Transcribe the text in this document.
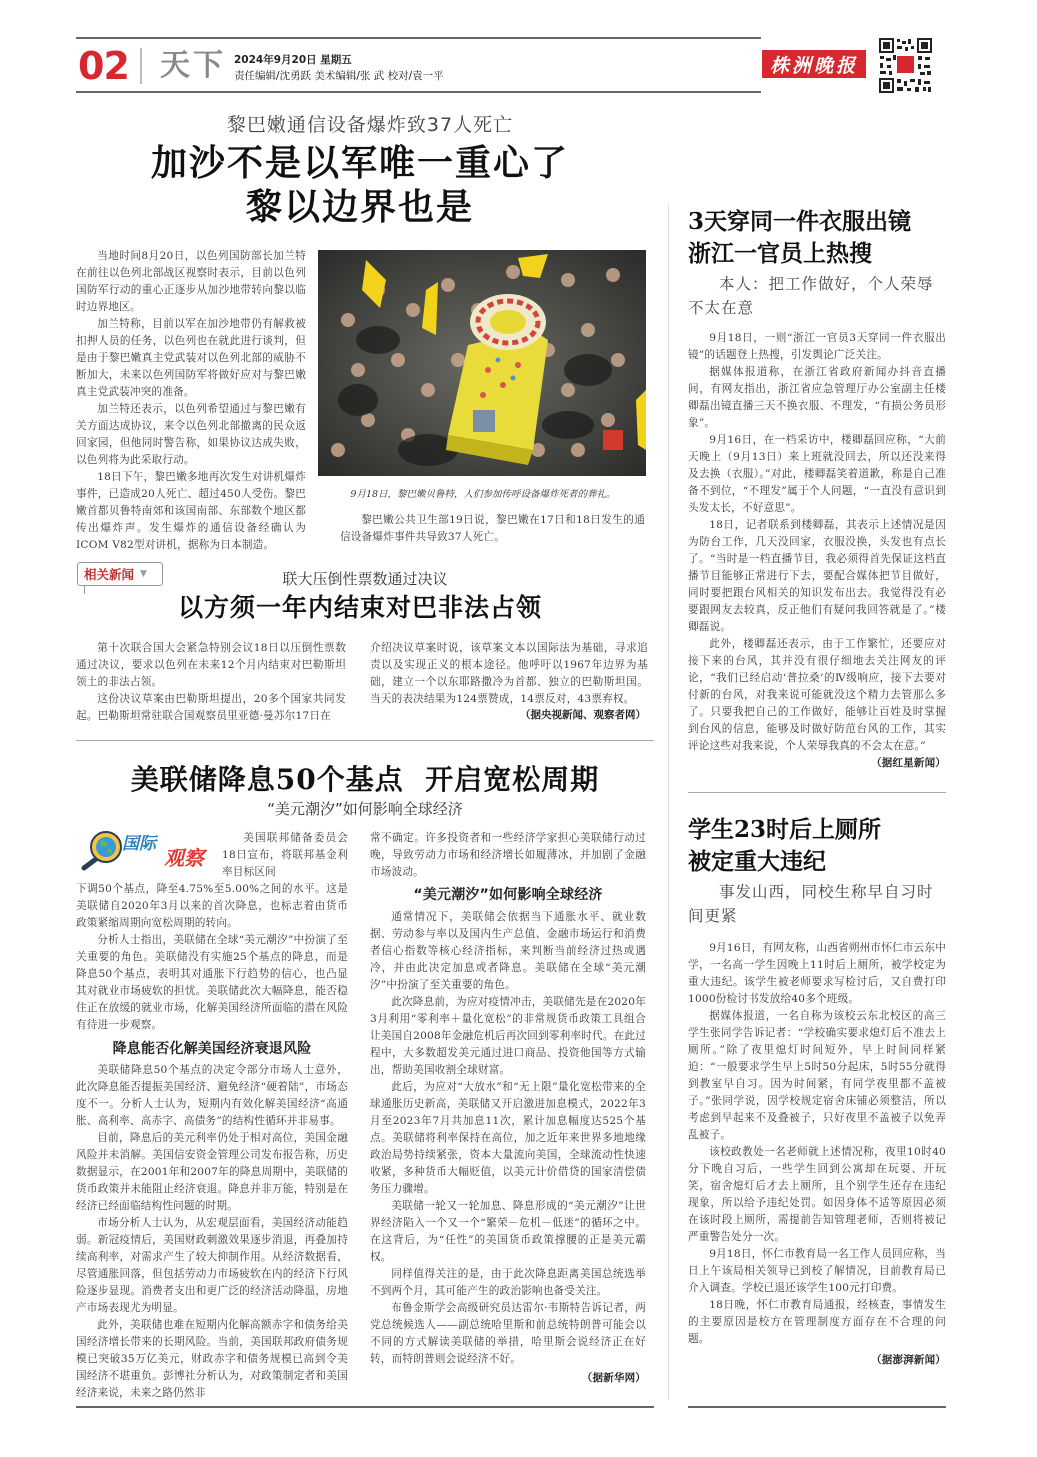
02 天下 2024年9月20日 星期五
责任编辑/沈勇跃 美术编辑/张 武 校对/袁一平	株洲晚报
黎巴嫩通信设备爆炸致37人死亡
加沙不是以军唯一重心了
黎以边界也是

当地时间8月20日，以色列国防部长加兰特在前往以色列北部战区视察时表示，目前以色列国防军行动的重心正逐步从加沙地带转向黎以临时边界地区。

加兰特称，目前以军在加沙地带仍有解救被扣押人员的任务，以色列也在就此进行谈判，但是由于黎巴嫩真主党武装对以色列北部的威胁不断加大，未来以色列国防军将做好应对与黎巴嫩真主党武装冲突的准备。

加兰特还表示，以色列希望通过与黎巴嫩有关方面达成协议，来令以色列北部撤离的民众返回家园，但他同时警告称，如果协议达成失败，以色列将为此采取行动。

18日下午，黎巴嫩多地再次发生对讲机爆炸事件，已造成20人死亡、超过450人受伤。黎巴嫩首都贝鲁特南郊和该国南部、东部数个地区都传出爆炸声。发生爆炸的通信设备经确认为ICOM V82型对讲机，据称为日本制造。

9月18日，黎巴嫩贝鲁特，人们参加传呼设备爆炸死者的葬礼。

黎巴嫩公共卫生部19日说，黎巴嫩在17日和18日发生的通信设备爆炸事件共导致37人死亡。

相关新闻 ▼	联大压倒性票数通过决议
以方须一年内结束对巴非法占领

第十次联合国大会紧急特别会议18日以压倒性票数通过决议，要求以色列在未来12个月内结束对巴勒斯坦领土的非法占领。

这份决议草案由巴勒斯坦提出，20多个国家共同发起。巴勒斯坦常驻联合国观察员里亚德·曼苏尔17日在

介绍决议草案时说，该草案文本以国际法为基础，寻求追责以及实现正义的根本途径。他呼吁以1967年边界为基础，建立一个以东耶路撒冷为首都、独立的巴勒斯坦国。当天的表决结果为124票赞成，14票反对，43票弃权。

（据央视新闻、观察者网）
美联储降息50个基点  开启宽松周期
“美元潮汐”如何影响全球经济
国际
观察

美国联邦储备委员会18日宣布，将联邦基金利率目标区间

下调50个基点，降至4.75%至5.00%之间的水平。这是美联储自2020年3月以来的首次降息，也标志着由货币政策紧缩周期向宽松周期的转向。

分析人士指出，美联储在全球“美元潮汐”中扮演了至关重要的角色。美联储没有实施25个基点的降息，而是降息50个基点，表明其对通胀下行趋势的信心，也凸显其对就业市场疲软的担忧。美联储此次大幅降息，能否稳住正在放缓的就业市场，化解美国经济所面临的潜在风险有待进一步观察。

降息能否化解美国经济衰退风险

美联储降息50个基点的决定令部分市场人士意外，此次降息能否提振美国经济、避免经济“硬着陆”，市场态度不一。分析人士认为，短期内有效化解美国经济“高通胀、高利率、高赤字、高债务”的结构性循环并非易事。

目前，降息后的美元利率仍处于相对高位，美国金融风险并未消解。美国信安资金管理公司发布报告称，历史数据显示，在2001年和2007年的降息周期中，美联储的货币政策并未能阻止经济衰退。降息并非万能，特别是在经济已经面临结构性问题的时期。

市场分析人士认为，从宏观层面看，美国经济动能趋弱。新冠疫情后，美国财政刺激效果逐步消退，再叠加持续高利率，对需求产生了较大抑制作用。从经济数据看，尽管通胀回落，但包括劳动力市场疲软在内的经济下行风险逐步显现。消费者支出和更广泛的经济活动降温，房地产市场表现尤为明显。

此外，美联储也难在短期内化解高额赤字和债务给美国经济增长带来的长期风险。当前，美国联邦政府债务规模已突破35万亿美元，财政赤字和债务规模已高到令美国经济不堪重负。彭博社分析认为，对政策制定者和美国经济来说，未来之路仍然非

常不确定。许多投资者和一些经济学家担心美联储行动过晚，导致劳动力市场和经济增长如履薄冰，并加剧了金融市场波动。

“美元潮汐”如何影响全球经济

通常情况下，美联储会依据当下通胀水平、就业数据、劳动参与率以及国内生产总值、金融市场运行和消费者信心指数等核心经济指标，来判断当前经济过热或遇冷，并由此决定加息或者降息。美联储在全球“美元潮汐”中扮演了至关重要的角色。

此次降息前，为应对疫情冲击，美联储先是在2020年3月利用“零利率＋量化宽松”的非常规货币政策工具组合让美国自2008年金融危机后再次回到零利率时代。在此过程中，大多数超发美元通过进口商品、投资他国等方式输出，帮助美国收割全球财富。

此后，为应对“大放水”和“无上限”量化宽松带来的全球通胀历史新高，美联储又开启激进加息模式，2022年3月至2023年7月共加息11次，累计加息幅度达525个基点。美联储将利率保持在高位，加之近年来世界多地地缘政治局势持续紧张，资本大量流向美国，全球流动性快速收紧，多种货币大幅贬值，以美元计价借贷的国家清偿债务压力骤增。

美联储一轮又一轮加息、降息形成的“美元潮汐”让世界经济陷入一个又一个“繁荣－危机－低迷”的循环之中。在这背后，为“任性”的美国货币政策撑腰的正是美元霸权。

同样值得关注的是，由于此次降息距离美国总统选举不到两个月，其可能产生的政治影响也备受关注。

布鲁金斯学会高级研究员达雷尔·韦斯特告诉记者，两党总统候选人——副总统哈里斯和前总统特朗普可能会以不同的方式解读美联储的举措，哈里斯会说经济正在好转，而特朗普则会说经济不好。

（据新华网）
3天穿同一件衣服出镜
浙江一官员上热搜
本人：把工作做好，个人荣辱不太在意

9月18日，一则“浙江一官员3天穿同一件衣服出镜”的话题登上热搜，引发舆论广泛关注。

据媒体报道称，在浙江省政府新闻办抖音直播间，有网友指出，浙江省应急管理厅办公室副主任楼卿磊出镜直播三天不换衣服、不理发，“有损公务员形象”。

9月16日，在一档采访中，楼卿磊回应称，“大前天晚上（9月13日）来上班就没回去，所以还没来得及去换（衣服）。”对此，楼卿磊笑着道歉，称是自己准备不到位，“不理发”属于个人问题，“一直没有意识到头发太长，不好意思”。

18日，记者联系到楼卿磊，其表示上述情况是因为防台工作，几天没回家，衣服没换，头发也有点长了。“当时是一档直播节目，我必须得首先保证这档直播节目能够正常进行下去，要配合媒体把节目做好，同时要把跟台风相关的知识发布出去。我觉得没有必要跟网友去较真，反正他们有疑问我回答就是了。”楼卿磊说。

此外，楼卿磊还表示，由于工作繁忙，还要应对接下来的台风，其并没有很仔细地去关注网友的评论，“我们已经启动‘普拉桑’的Ⅳ级响应，接下去要对付新的台风，对我来说可能就没这个精力去管那么多了。只要我把自己的工作做好，能够让百姓及时掌握到台风的信息，能够及时做好防范台风的工作，其实评论这些对我来说，个人荣辱我真的不会太在意。”

（据红星新闻）
学生23时后上厕所
被定重大违纪
事发山西，同校生称早自习时间更紧

9月16日，有网友称，山西省朔州市怀仁市云东中学，一名高一学生因晚上11时后上厕所，被学校定为重大违纪。该学生被老师要求写检讨后，又自费打印1000份检讨书发放给40多个班级。

据媒体报道，一名自称为该校云东北校区的高三学生张同学告诉记者：“学校确实要求熄灯后不准去上厕所。”除了夜里熄灯时间短外，早上时间同样紧迫：“一般要求学生早上5时50分起床，5时55分就得到教室早自习。因为时间紧，有同学夜里都不盖被子。”张同学说，因学校规定宿舍床铺必须整洁，所以考虑到早起来不及叠被子，只好夜里不盖被子以免弄乱被子。

该校政教处一名老师就上述情况称，夜里10时40分下晚自习后，一些学生回到公寓却在玩耍、开玩笑，宿舍熄灯后才去上厕所，且个别学生还存在违纪现象，所以给予违纪处罚。如因身体不适等原因必须在该时段上厕所，需提前告知管理老师，否则将被记严重警告处分一次。

9月18日，怀仁市教育局一名工作人员回应称，当日上午该局相关领导已到校了解情况，目前教育局已介入调查。学校已退还该学生100元打印费。

18日晚，怀仁市教育局通报，经核查，事情发生的主要原因是校方在管理制度方面存在不合理的问题。

（据澎湃新闻）
